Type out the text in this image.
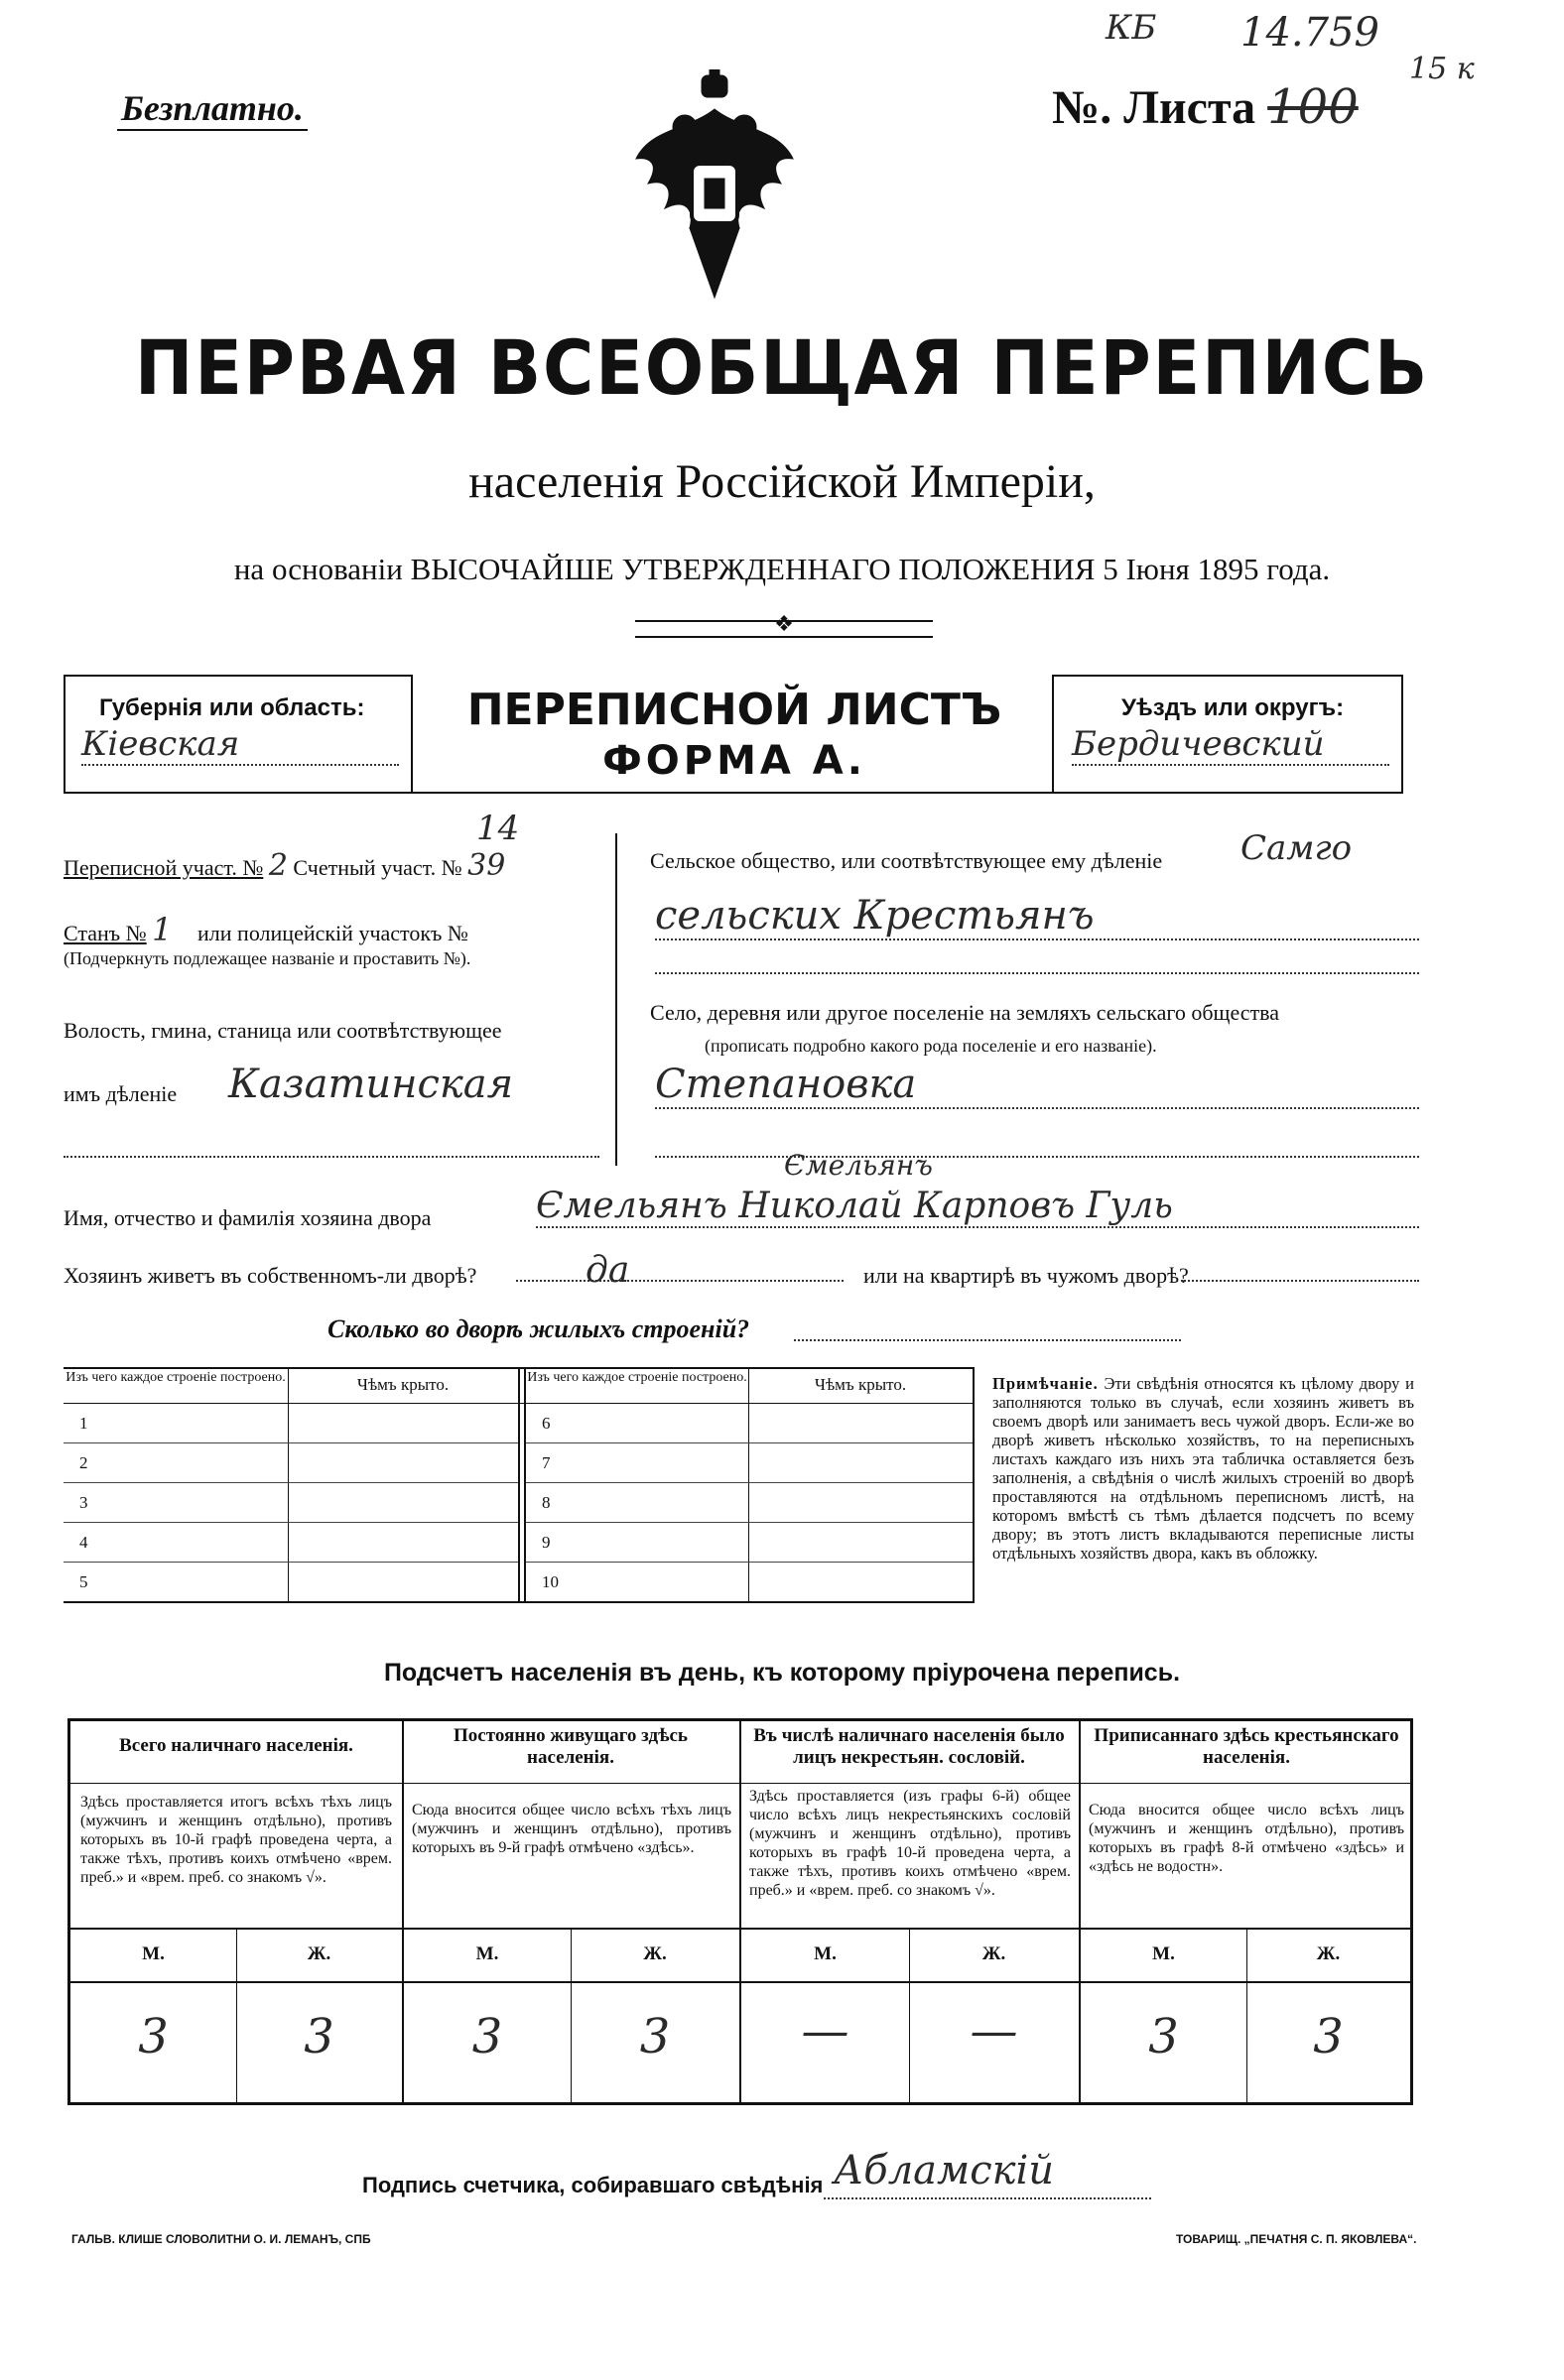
Безплатно.
КБ 14.759
15 к
№. Листа 100
ПЕРВАЯ ВСЕОБЩАЯ ПЕРЕПИСЬ
населенія Россійской Имперіи,
на основаніи ВЫСОЧАЙШЕ УТВЕРЖДЕННАГО ПОЛОЖЕНИЯ 5 Іюня 1895 года.
❖
Губернія или область:
Кіевская
ПЕРЕПИСНОЙ ЛИСТЪ
ФОРМА А.
Уѣздъ или округъ:
Бердичевский
Переписной участ. № 2 Счетный участ. № 39
14
Станъ № 1 или полицейскій участокъ №
(Подчеркнуть подлежащее названіе и проставить №).
Волость, гмина, станица или соотвѣтствующее
имъ дѣленіе Казатинская
Сельское общество, или соотвѣтствующее ему дѣленіе Самго
сельских Крестьянъ
Село, деревня или другое поселеніе на земляхъ сельскаго общества
(прописать подробно какого рода поселеніе и его названіе).
Степановка
Ємельянъ
Имя, отчество и фамилія хозяина двора	Ємельянъ Николай Карповъ Гуль
Хозяинъ живетъ въ собственномъ-ли дворѣ?	да	или на квартирѣ въ чужомъ дворѣ?
Сколько во дворѣ жилыхъ строеній?
Изъ чего каждое строеніе построено.	Чѣмъ крыто.	Изъ чего каждое строеніе построено.	Чѣмъ крыто.
1
2
3
4
5
6
7
8
9
10
Примѣчаніе. Эти свѣдѣнія относятся къ цѣлому двору и заполняются только въ случаѣ, если хозяинъ живетъ въ своемъ дворѣ или занимаетъ весь чужой дворъ. Если-же во дворѣ живетъ нѣсколько хозяйствъ, то на переписныхъ листахъ каждаго изъ нихъ эта табличка оставляется безъ заполненія, а свѣдѣнія о числѣ жилыхъ строеній во дворѣ проставляются на отдѣльномъ переписномъ листѣ, на которомъ вмѣстѣ съ тѣмъ дѣлается подсчетъ по всему двору; въ этотъ листъ вкладываются переписные листы отдѣльныхъ хозяйствъ двора, какъ въ обложку.
Подсчетъ населенія въ день, къ которому пріурочена перепись.
Всего наличнаго населенія.
Здѣсь проставляется итогъ всѣхъ тѣхъ лицъ (мужчинъ и женщинъ отдѣльно), противъ которыхъ въ 10-й графѣ проведена черта, а также тѣхъ, противъ коихъ отмѣчено «врем. преб.» и «врем. преб. со знакомъ √».
Постоянно живущаго здѣсь населенія.
Сюда вносится общее число всѣхъ тѣхъ лицъ (мужчинъ и женщинъ отдѣльно), противъ которыхъ въ 9-й графѣ отмѣчено «здѣсь».
Въ числѣ наличнаго населенія было лицъ некрестьян. сословій.
Здѣсь проставляется (изъ графы 6-й) общее число всѣхъ лицъ некрестьянскихъ сословій (мужчинъ и женщинъ отдѣльно), противъ которыхъ въ графѣ 10-й проведена черта, а также тѣхъ, противъ коихъ отмѣчено «врем. преб.» и «врем. преб. со знакомъ √».
Приписаннаго здѣсь крестьянскаго населенія.
Сюда вносится общее число всѣхъ лицъ (мужчинъ и женщинъ отдѣльно), противъ которыхъ въ графѣ 8-й отмѣчено «здѣсь» и «здѣсь не водостн».
М.	Ж.	М.	Ж.	М.	Ж.	М.	Ж.
3	3	3	3	—	—	3	3
Подпись счетчика, собиравшаго свѣдѣнія Абламскій
ГАЛЬВ. КЛИШЕ СЛОВОЛИТНИ О. И. ЛЕМАНЪ, СПБ	ТОВАРИЩ. „ПЕЧАТНЯ С. П. ЯКОВЛЕВА“.
